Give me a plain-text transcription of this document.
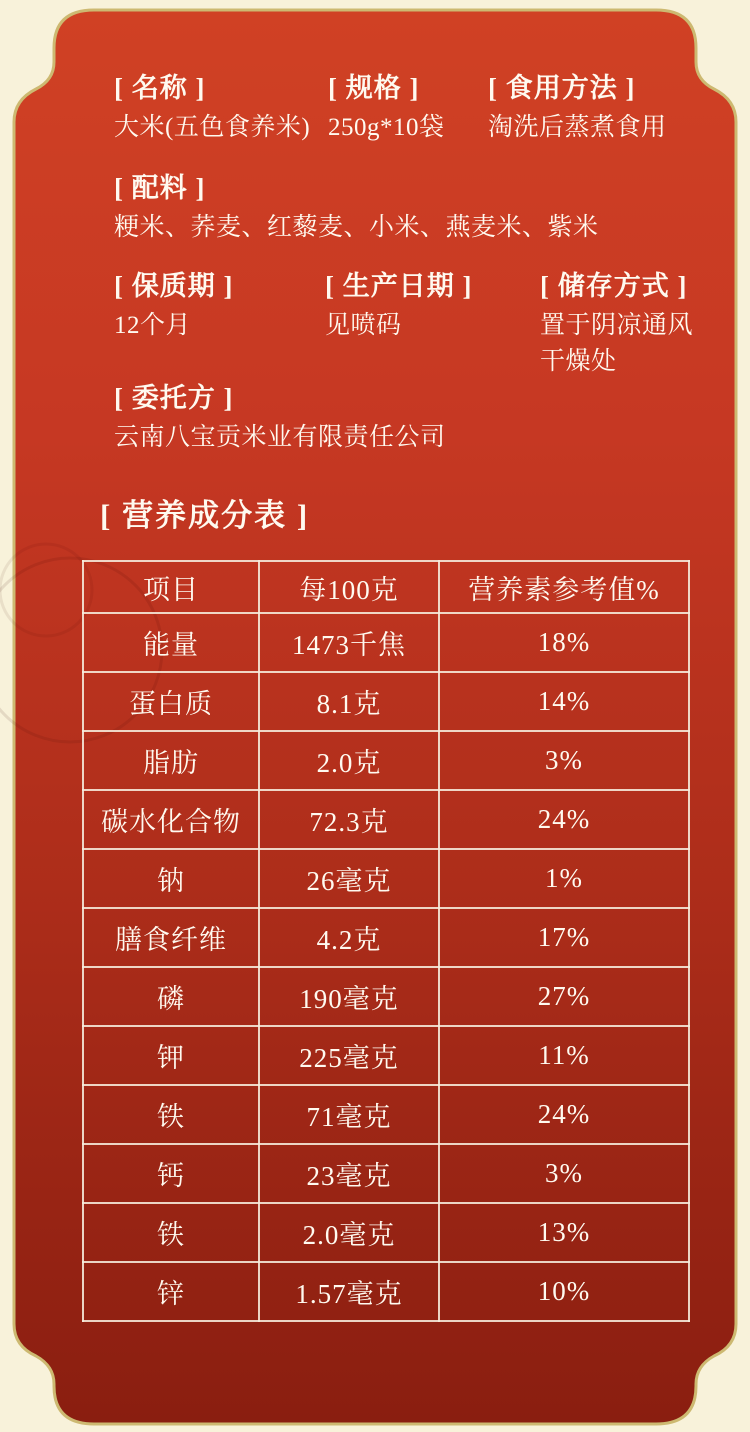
[ 名称 ]
大米(五色食养米)
[ 规格 ]
250g*10袋
[ 食用方法 ]
淘洗后蒸煮食用
[ 配料 ]
粳米、荞麦、红藜麦、小米、燕麦米、紫米
[ 保质期 ]
12个月
[ 生产日期 ]
见喷码
[ 储存方式 ]
置于阴凉通风干燥处
[ 委托方 ]
云南八宝贡米业有限责任公司
[ 营养成分表 ]
项目	每100克	营养素参考值%
能量	1473千焦	18%
蛋白质	8.1克	14%
脂肪	2.0克	3%
碳水化合物	72.3克	24%
钠	26毫克	1%
膳食纤维	4.2克	17%
磷	190毫克	27%
钾	225毫克	11%
铁	71毫克	24%
钙	23毫克	3%
铁	2.0毫克	13%
锌	1.57毫克	10%
